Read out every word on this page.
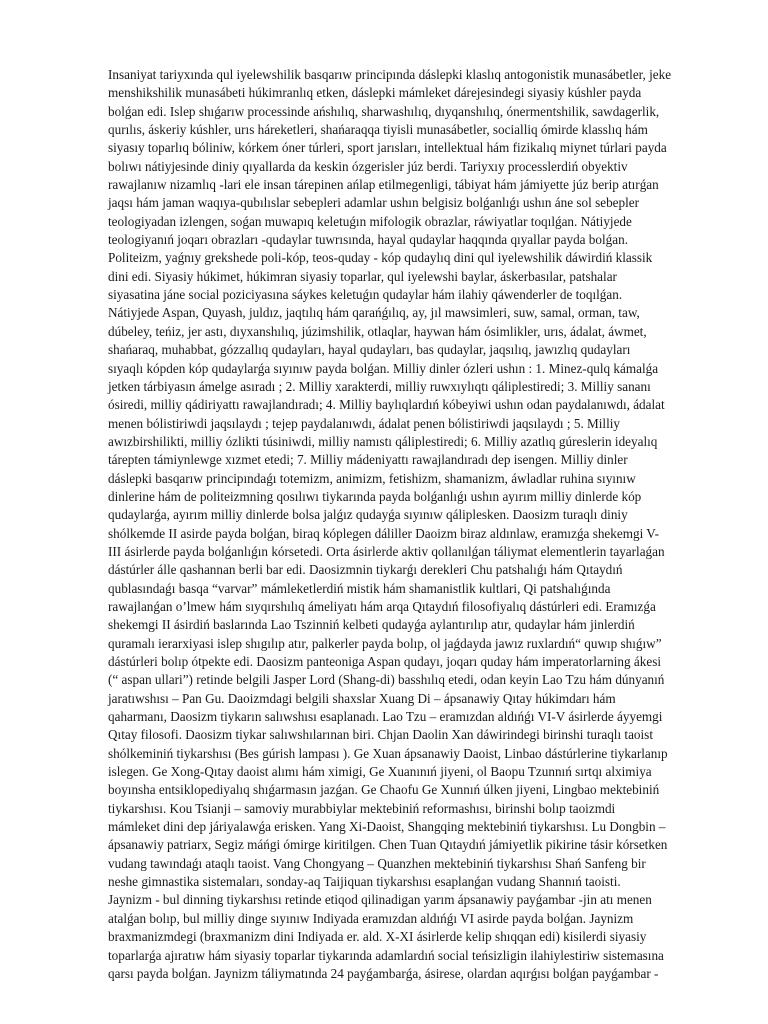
Insaniyat tariyxında qul iyelewshilik basqarıw principında dáslepki klaslıq antogonistik munasábetler, jeke
menshikshilik munasábeti húkimranlıq etken, dáslepki mámleket dárejesindegi siyasiy kúshler payda
bolǵan edi. Islep shıǵarıw processinde ańshılıq, sharwashılıq, dıyqanshılıq, ónermentshilik, sawdagerlik,
qurılıs, áskeriy kúshler, urıs háreketleri, shańaraqqa tiyisli munasábetler, socialliq ómirde klasslıq hám
siyasıy toparlıq bóliniw, kórkem óner túrleri, sport jarısları, intellektual hám fizikalıq miynet túrlari payda
bolıwı nátiyjesinde diniy qıyallarda da keskin ózgerisler júz berdi. Tariyxıy processlerdiń obyektiv
rawajlanıw nizamlıq -lari ele insan tárepinen ańlap etilmegenligi, tábiyat hám jámiyette júz berip atırǵan
jaqsı hám jaman waqıya-qubılıslar sebepleri adamlar ushın belgisiz bolǵanlıǵı ushın áne sol sebepler
teologiyadan izlengen, soǵan muwapıq keletuǵın mifologik obrazlar, ráwiyatlar toqılǵan. Nátiyjede
teologiyanıń joqarı obrazları -qudaylar tuwrısında, hayal qudaylar haqqında qıyallar payda bolǵan.
Politeizm, yaǵnıy grekshede poli-kóp, teos-quday - kóp qudaylıq dini qul iyelewshilik dáwirdiń klassik
dini edi. Siyasiy húkimet, húkimran siyasiy toparlar, qul iyelewshi baylar, áskerbasılar, patshalar
siyasatina jáne social poziciyasına sáykes keletuǵın qudaylar hám ilahiy qáwenderler de toqılǵan.
Nátiyjede Aspan, Quyash, juldız, jaqtılıq hám qarańǵılıq, ay, jıl mawsimleri, suw, samal, orman, taw,
dúbeley, teńiz, jer astı, dıyxanshılıq, júzimshilik, otlaqlar, haywan hám ósimlikler, urıs, ádalat, áwmet,
shańaraq, muhabbat, gózzallıq qudayları, hayal qudayları, bas qudaylar, jaqsılıq, jawızlıq qudayları
sıyaqlı kópden kóp qudaylarǵa sıyınıw payda bolǵan. Milliy dinler ózleri ushın : 1. Minez-qulq kámalǵa
jetken tárbiyasın ámelge asıradı ; 2. Milliy xarakterdi, milliy ruwxıylıqtı qáliplestiredi; 3. Milliy sananı
ósiredi, milliy qádiriyattı rawajlandıradı; 4. Milliy baylıqlardıń kóbeyiwi ushın odan paydalanıwdı, ádalat
menen bólistiriwdi jaqsılaydı ; tejep paydalanıwdı, ádalat penen bólistiriwdi jaqsılaydı ; 5. Milliy
awızbirshilikti, milliy ózlikti túsiniwdi, milliy namıstı qáliplestiredi; 6. Milliy azatlıq gúreslerin ideyalıq
tárepten támiynlewge xızmet etedi; 7. Milliy mádeniyattı rawajlandıradı dep isengen. Milliy dinler
dáslepki basqarıw principındaǵı totemizm, animizm, fetishizm, shamanizm, áwladlar ruhina sıyınıw
dinlerine hám de politeizmning qosılıwı tiykarında payda bolǵanlıǵı ushın ayırım milliy dinlerde kóp
qudaylarǵa, ayırım milliy dinlerde bolsa jalǵız qudayǵa sıyınıw qáliplesken. Daosizm turaqlı diniy
shólkemde II asirde payda bolǵan, biraq kóplegen dáliller Daoizm biraz aldınlaw, eramızǵa shekemgi V-
III ásirlerde payda bolǵanlıǵın kórsetedi. Orta ásirlerde aktiv qollanılǵan táliymat elementlerin tayarlaǵan
dástúrler álle qashannan berli bar edi. Daosizmnin tiykarǵı derekleri Chu patshalıǵı hám Qıtaydıń
qublasındaǵı basqa “varvar” mámleketlerdiń mistik hám shamanistlik kultlari, Qi patshalıǵında
rawajlanǵan o’lmew hám sıyqırshılıq ámeliyatı hám arqa Qıtaydıń filosofiyalıq dástúrleri edi. Eramızǵa
shekemgi II ásirdiń baslarında Lao Tszinniń kelbeti qudayǵa aylantırılıp atır, qudaylar hám jinlerdiń
quramalı ierarxiyasi islep shıgılıp atır, palkerler payda bolıp, ol jaǵdayda jawız ruxlardıń“ quwıp shıǵıw”
dástúrleri bolıp ótpekte edi. Daosizm panteoniga Aspan qudayı, joqarı quday hám imperatorlarning ákesi
(“ aspan ullari”) retinde belgili Jasper Lord (Shang-di) basshılıq etedi, odan keyin Lao Tzu hám dúnyanıń
jaratıwshısı – Pan Gu. Daoizmdagi belgili shaxslar Xuang Di – ápsanawiy Qıtay húkimdarı hám
qaharmanı, Daosizm tiykarın salıwshısı esaplanadı. Lao Tzu – eramızdan aldıńǵı VI-V ásirlerde áyyemgi
Qıtay filosofi. Daosizm tiykar salıwshılarınan biri. Chjan Daolin Xan dáwirindegi birinshi turaqlı taoist
shólkeminiń tiykarshısı (Bes gúrish lampası ). Ge Xuan ápsanawiy Daoist, Linbao dástúrlerine tiykarlanıp
islegen. Ge Xong-Qıtay daoist alımı hám ximigi, Ge Xuanınıń jiyeni, ol Baopu Tzunnıń sırtqı alximiya
boyınsha entsiklopediyalıq shıǵarmasın jazǵan. Ge Chaofu Ge Xunnıń úlken jiyeni, Lingbao mektebiniń
tiykarshısı. Kou Tsianji – samoviy murabbiylar mektebiniń reformashısı, birinshi bolıp taoizmdi
mámleket dini dep járiyalawǵa erisken. Yang Xi-Daoist, Shangqing mektebiniń tiykarshısı. Lu Dongbin –
ápsanawiy patriarx, Segiz máńgi ómirge kiritilgen. Chen Tuan Qıtaydıń jámiyetlik pikirine tásir kórsetken
vudang tawındaǵı ataqlı taoist. Vang Chongyang – Quanzhen mektebiniń tiykarshısı Shań Sanfeng bir
neshe gimnastika sistemaları, sonday-aq Taijiquan tiykarshısı esaplanǵan vudang Shannıń taoisti.
Jaynizm - bul dinning tiykarshısı retinde etiqod qilinadigan yarım ápsanawiy payǵambar -jin atı menen
atalǵan bolıp, bul milliy dinge sıyınıw Indiyada eramızdan aldıńǵı VI asirde payda bolǵan. Jaynizm
braxmanizmdegi (braxmanizm dini Indiyada er. ald. X-XI ásirlerde kelip shıqqan edi) kisilerdi siyasiy
toparlarǵa ajıratıw hám siyasiy toparlar tiykarında adamlardıń social teńsizligin ilahiylestiriw sistemasına
qarsı payda bolǵan. Jaynizm táliymatında 24 payǵambarǵa, ásirese, olardan aqırǵısı bolǵan payǵambar -
